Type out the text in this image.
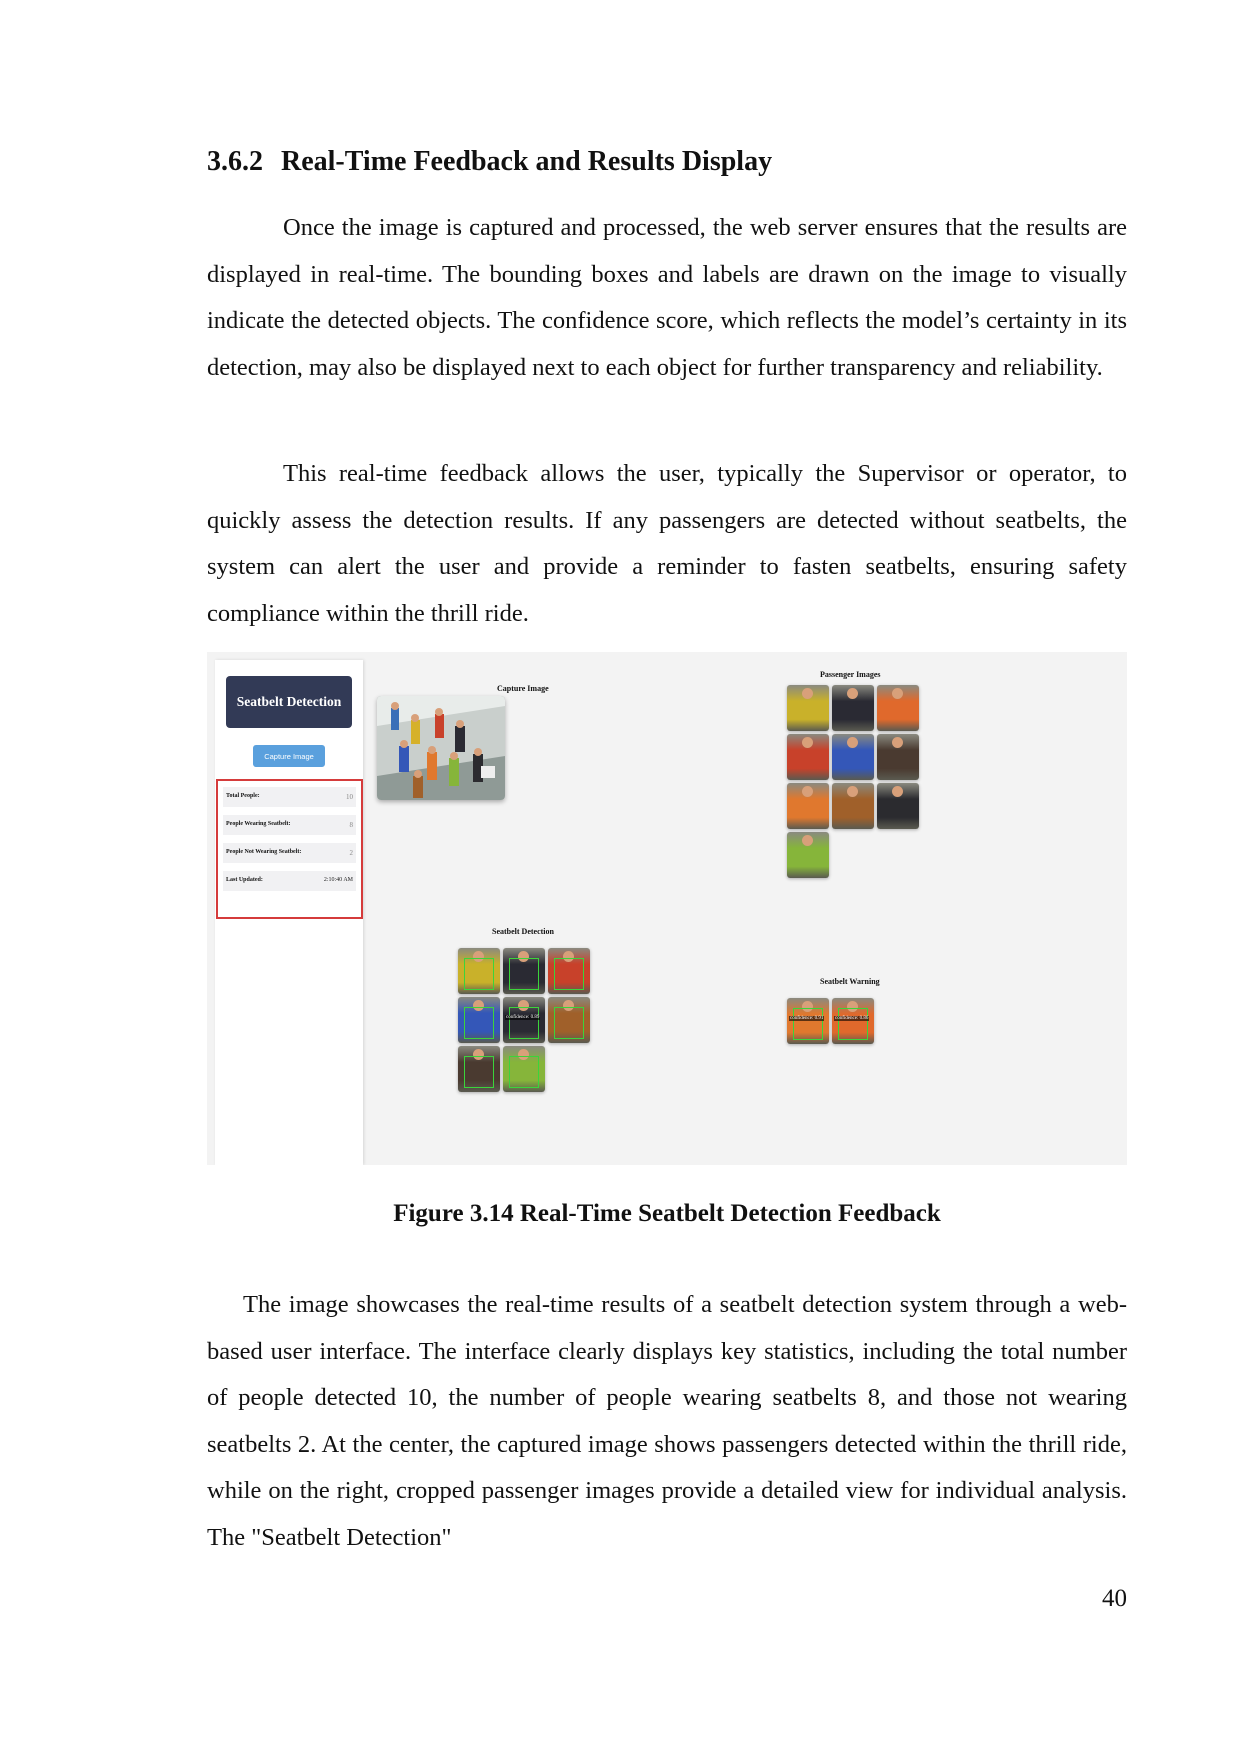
3.6.2 Real-Time Feedback and Results Display

Once the image is captured and processed, the web server ensures that the results are displayed in real-time. The bounding boxes and labels are drawn on the image to visually indicate the detected objects. The confidence score, which reflects the model’s certainty in its detection, may also be displayed next to each object for further transparency and reliability.

This real-time feedback allows the user, typically the Supervisor or operator, to quickly assess the detection results. If any passengers are detected without seatbelts, the system can alert the user and provide a reminder to fasten seatbelts, ensuring safety compliance within the thrill ride.

Seatbelt Detection
Capture Image
Total People:	10
People Wearing Seatbelt:	8
People Not Wearing Seatbelt:	2
Last Updated:	2:10:40 AM
Capture Image
Passenger Images
Seatbelt Detection
confidence: 0.89
Seatbelt Warning
confidence: 0.91 confidence: 0.86

Figure 3.14 Real-Time Seatbelt Detection Feedback

The image showcases the real-time results of a seatbelt detection system through a web-based user interface. The interface clearly displays key statistics, including the total number of people detected 10, the number of people wearing seatbelts 8, and those not wearing seatbelts 2. At the center, the captured image shows passengers detected within the thrill ride, while on the right, cropped passenger images provide a detailed view for individual analysis. The "Seatbelt Detection"

40
